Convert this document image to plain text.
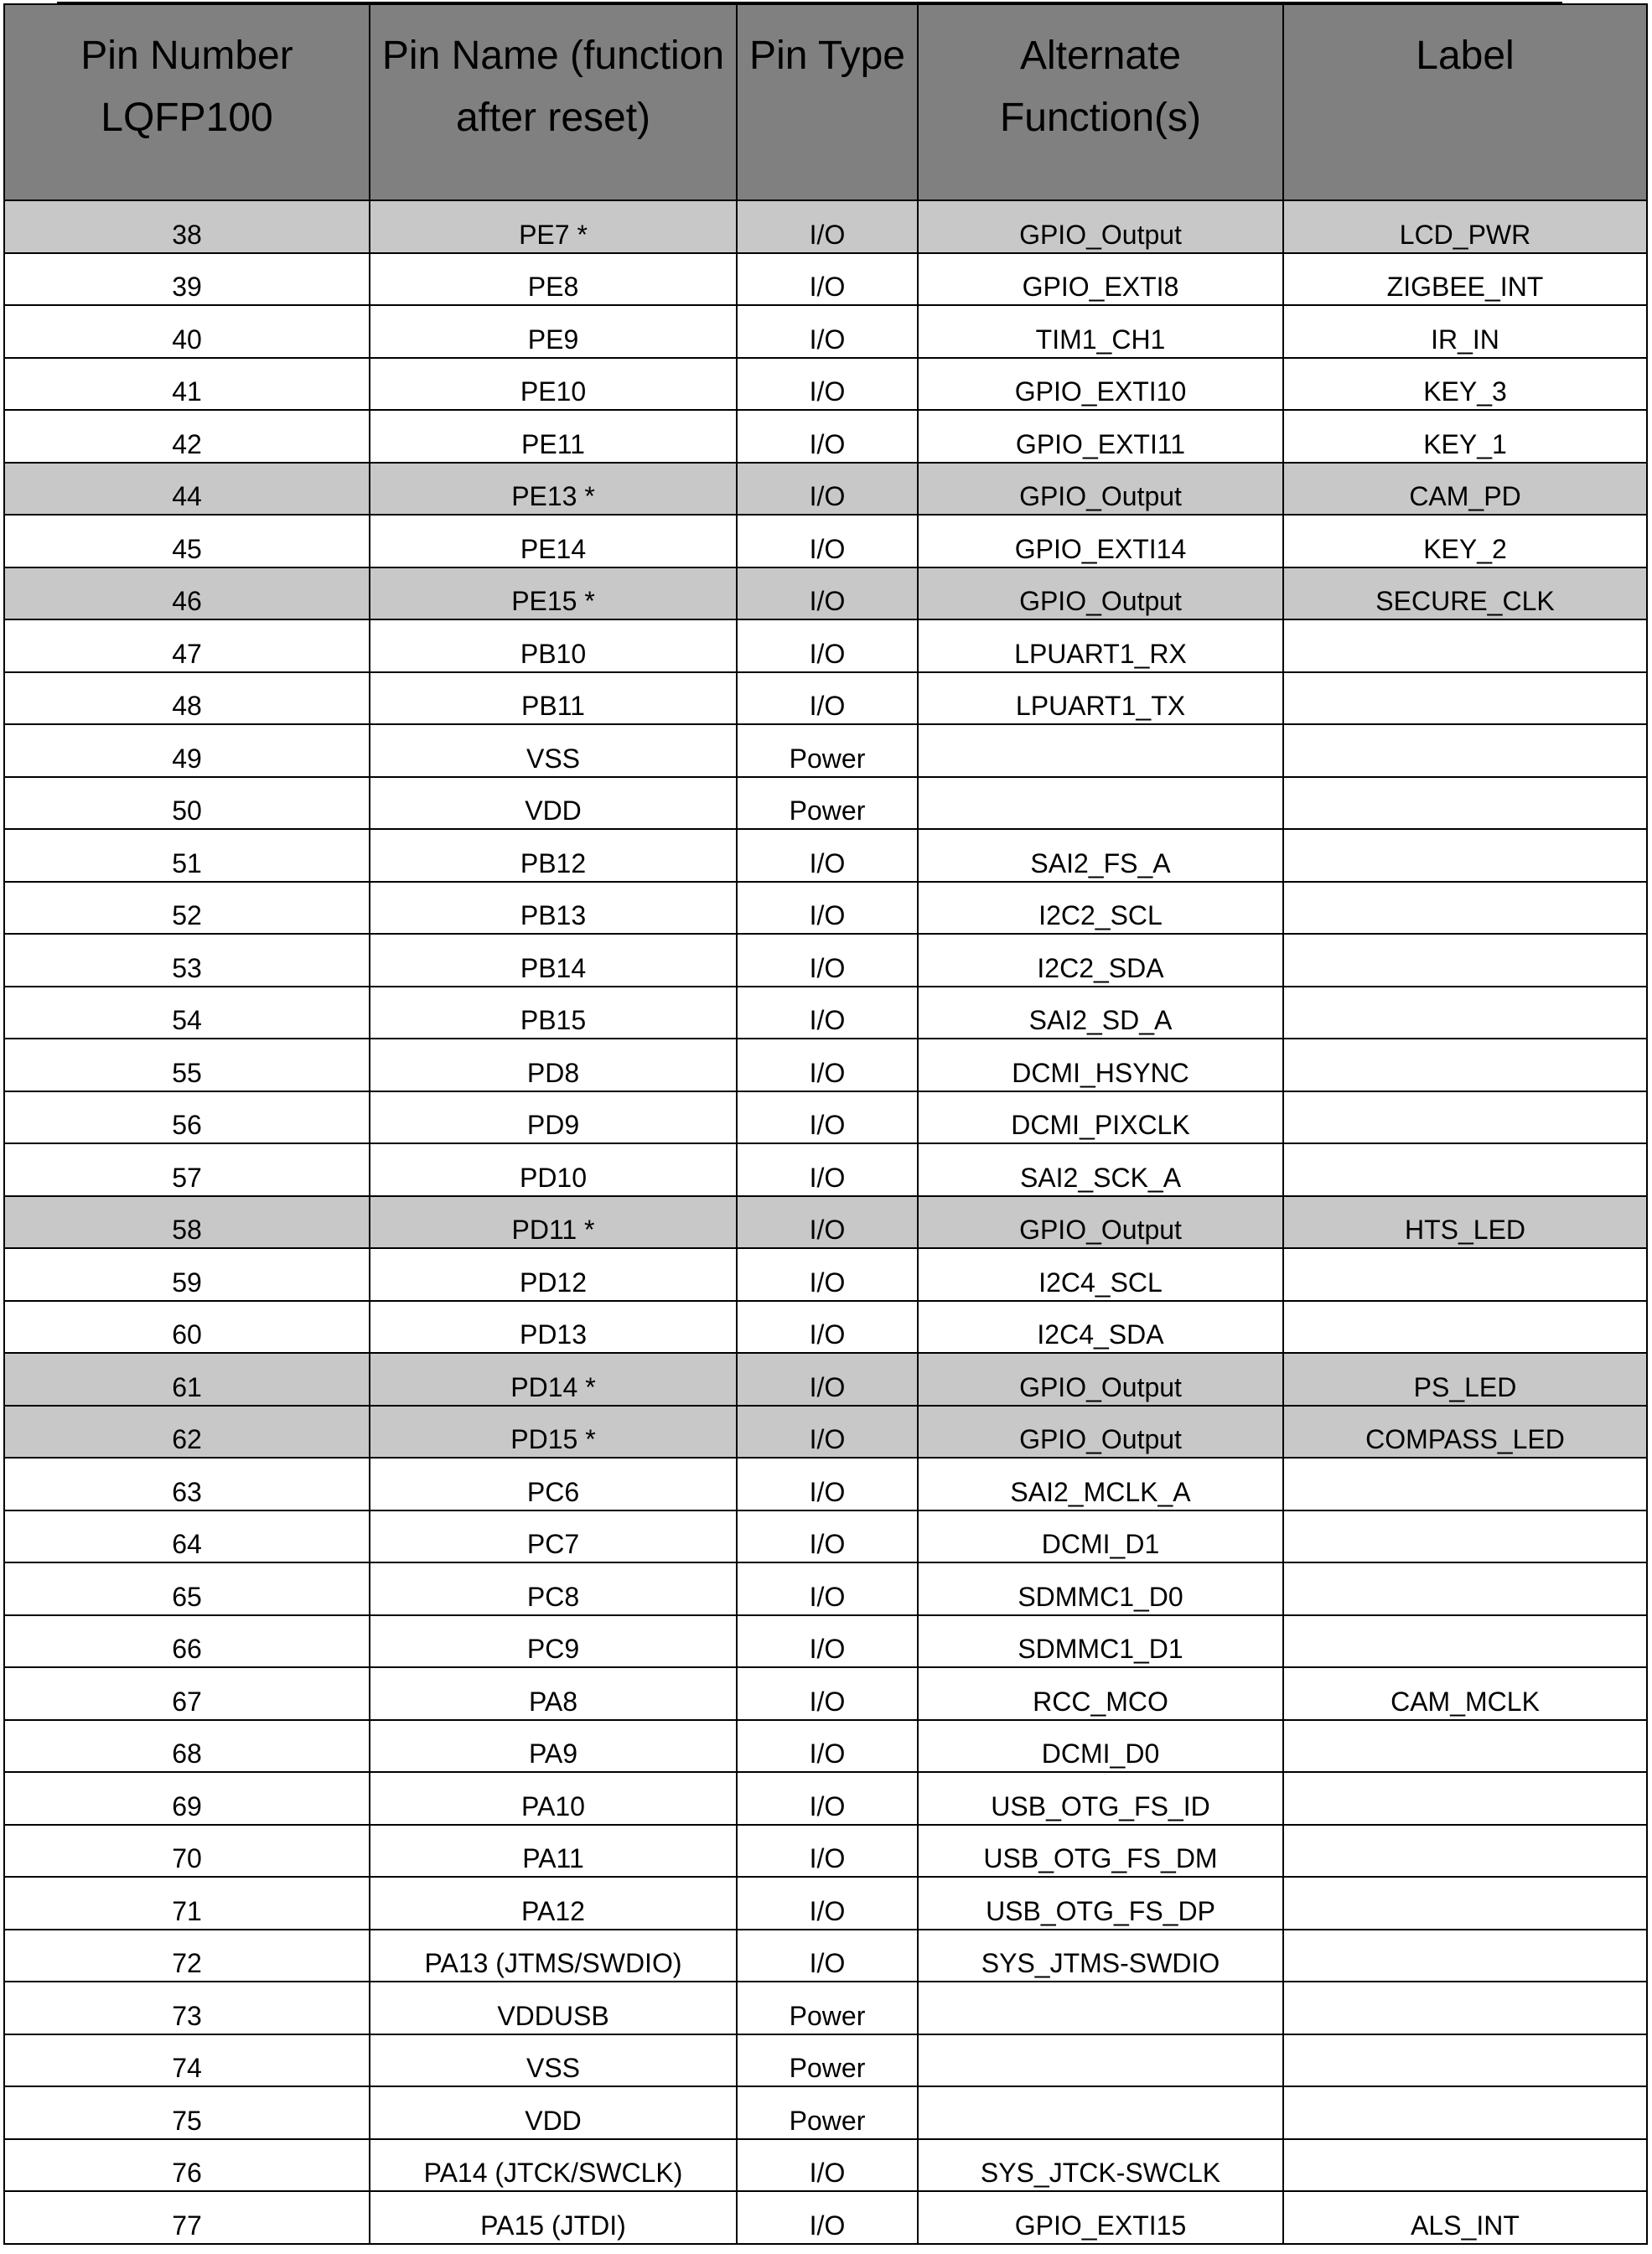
Pin Number LQFP100	Pin Name (function after reset)	Pin Type	Alternate Function(s)	Label
38	PE7 *	I/O	GPIO_Output	LCD_PWR
39	PE8	I/O	GPIO_EXTI8	ZIGBEE_INT
40	PE9	I/O	TIM1_CH1	IR_IN
41	PE10	I/O	GPIO_EXTI10	KEY_3
42	PE11	I/O	GPIO_EXTI11	KEY_1
44	PE13 *	I/O	GPIO_Output	CAM_PD
45	PE14	I/O	GPIO_EXTI14	KEY_2
46	PE15 *	I/O	GPIO_Output	SECURE_CLK
47	PB10	I/O	LPUART1_RX	
48	PB11	I/O	LPUART1_TX	
49	VSS	Power		
50	VDD	Power		
51	PB12	I/O	SAI2_FS_A	
52	PB13	I/O	I2C2_SCL	
53	PB14	I/O	I2C2_SDA	
54	PB15	I/O	SAI2_SD_A	
55	PD8	I/O	DCMI_HSYNC	
56	PD9	I/O	DCMI_PIXCLK	
57	PD10	I/O	SAI2_SCK_A	
58	PD11 *	I/O	GPIO_Output	HTS_LED
59	PD12	I/O	I2C4_SCL	
60	PD13	I/O	I2C4_SDA	
61	PD14 *	I/O	GPIO_Output	PS_LED
62	PD15 *	I/O	GPIO_Output	COMPASS_LED
63	PC6	I/O	SAI2_MCLK_A	
64	PC7	I/O	DCMI_D1	
65	PC8	I/O	SDMMC1_D0	
66	PC9	I/O	SDMMC1_D1	
67	PA8	I/O	RCC_MCO	CAM_MCLK
68	PA9	I/O	DCMI_D0	
69	PA10	I/O	USB_OTG_FS_ID	
70	PA11	I/O	USB_OTG_FS_DM	
71	PA12	I/O	USB_OTG_FS_DP	
72	PA13 (JTMS/SWDIO)	I/O	SYS_JTMS-SWDIO	
73	VDDUSB	Power		
74	VSS	Power		
75	VDD	Power		
76	PA14 (JTCK/SWCLK)	I/O	SYS_JTCK-SWCLK	
77	PA15 (JTDI)	I/O	GPIO_EXTI15	ALS_INT
